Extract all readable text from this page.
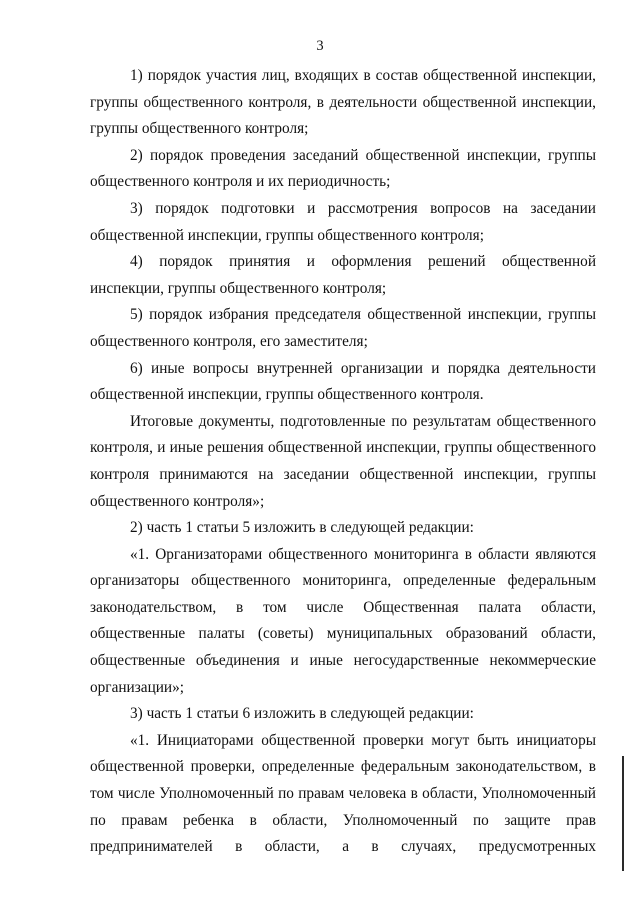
3

1) порядок участия лиц, входящих в состав общественной инспекции, группы общественного контроля, в деятельности общественной инспекции, группы общественного контроля;

2) порядок проведения заседаний общественной инспекции, группы общественного контроля и их периодичность;

3) порядок подготовки и рассмотрения вопросов на заседании общественной инспекции, группы общественного контроля;

4) порядок принятия и оформления решений общественной инспекции, группы общественного контроля;

5) порядок избрания председателя общественной инспекции, группы общественного контроля, его заместителя;

6) иные вопросы внутренней организации и порядка деятельности общественной инспекции, группы общественного контроля.

Итоговые документы, подготовленные по результатам общественного контроля, и иные решения общественной инспекции, группы общественного контроля принимаются на заседании общественной инспекции, группы общественного контроля»;

2) часть 1 статьи 5 изложить в следующей редакции:

«1. Организаторами общественного мониторинга в области являются организаторы общественного мониторинга, определенные федеральным законодательством, в том числе Общественная палата области, общественные палаты (советы) муниципальных образований области, общественные объединения и иные негосударственные некоммерческие организации»;

3) часть 1 статьи 6 изложить в следующей редакции:

«1. Инициаторами общественной проверки могут быть инициаторы общественной проверки, определенные федеральным законодательством, в том числе Уполномоченный по правам человека в области, Уполномоченный по правам ребенка в области, Уполномоченный по защите прав предпринимателей в области, а в случаях, предусмотренных
